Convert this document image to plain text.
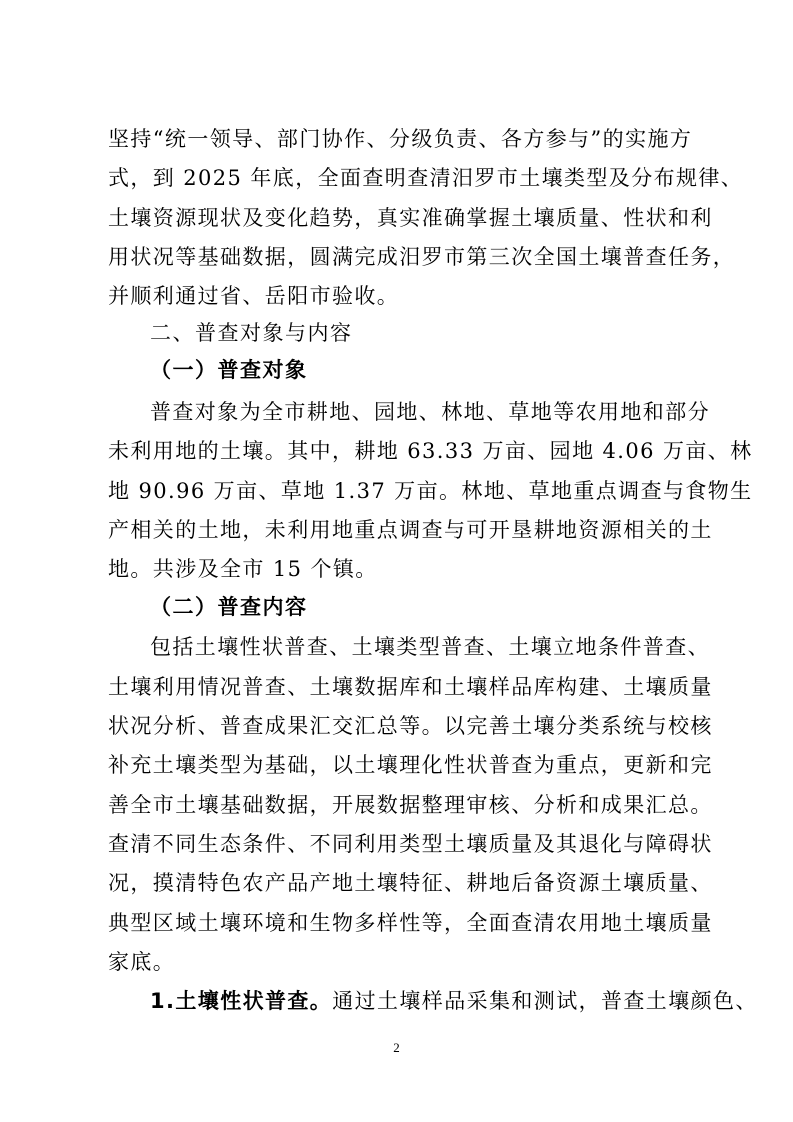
坚持“统一领导、部门协作、分级负责、各方参与”的实施方
式，到 2025 年底，全面查明查清汨罗市土壤类型及分布规律、
土壤资源现状及变化趋势，真实准确掌握土壤质量、性状和利
用状况等基础数据，圆满完成汨罗市第三次全国土壤普查任务，
并顺利通过省、岳阳市验收。
二、普查对象与内容
（一）普查对象
普查对象为全市耕地、园地、林地、草地等农用地和部分
未利用地的土壤。其中，耕地 63.33 万亩、园地 4.06 万亩、林
地 90.96 万亩、草地 1.37 万亩。林地、草地重点调查与食物生
产相关的土地，未利用地重点调查与可开垦耕地资源相关的土
地。共涉及全市 15 个镇。
（二）普查内容
包括土壤性状普查、土壤类型普查、土壤立地条件普查、
土壤利用情况普查、土壤数据库和土壤样品库构建、土壤质量
状况分析、普查成果汇交汇总等。以完善土壤分类系统与校核
补充土壤类型为基础，以土壤理化性状普查为重点，更新和完
善全市土壤基础数据，开展数据整理审核、分析和成果汇总。
查清不同生态条件、不同利用类型土壤质量及其退化与障碍状
况，摸清特色农产品产地土壤特征、耕地后备资源土壤质量、
典型区域土壤环境和生物多样性等，全面查清农用地土壤质量
家底。
1.土壤性状普查。通过土壤样品采集和测试，普查土壤颜色、
2
